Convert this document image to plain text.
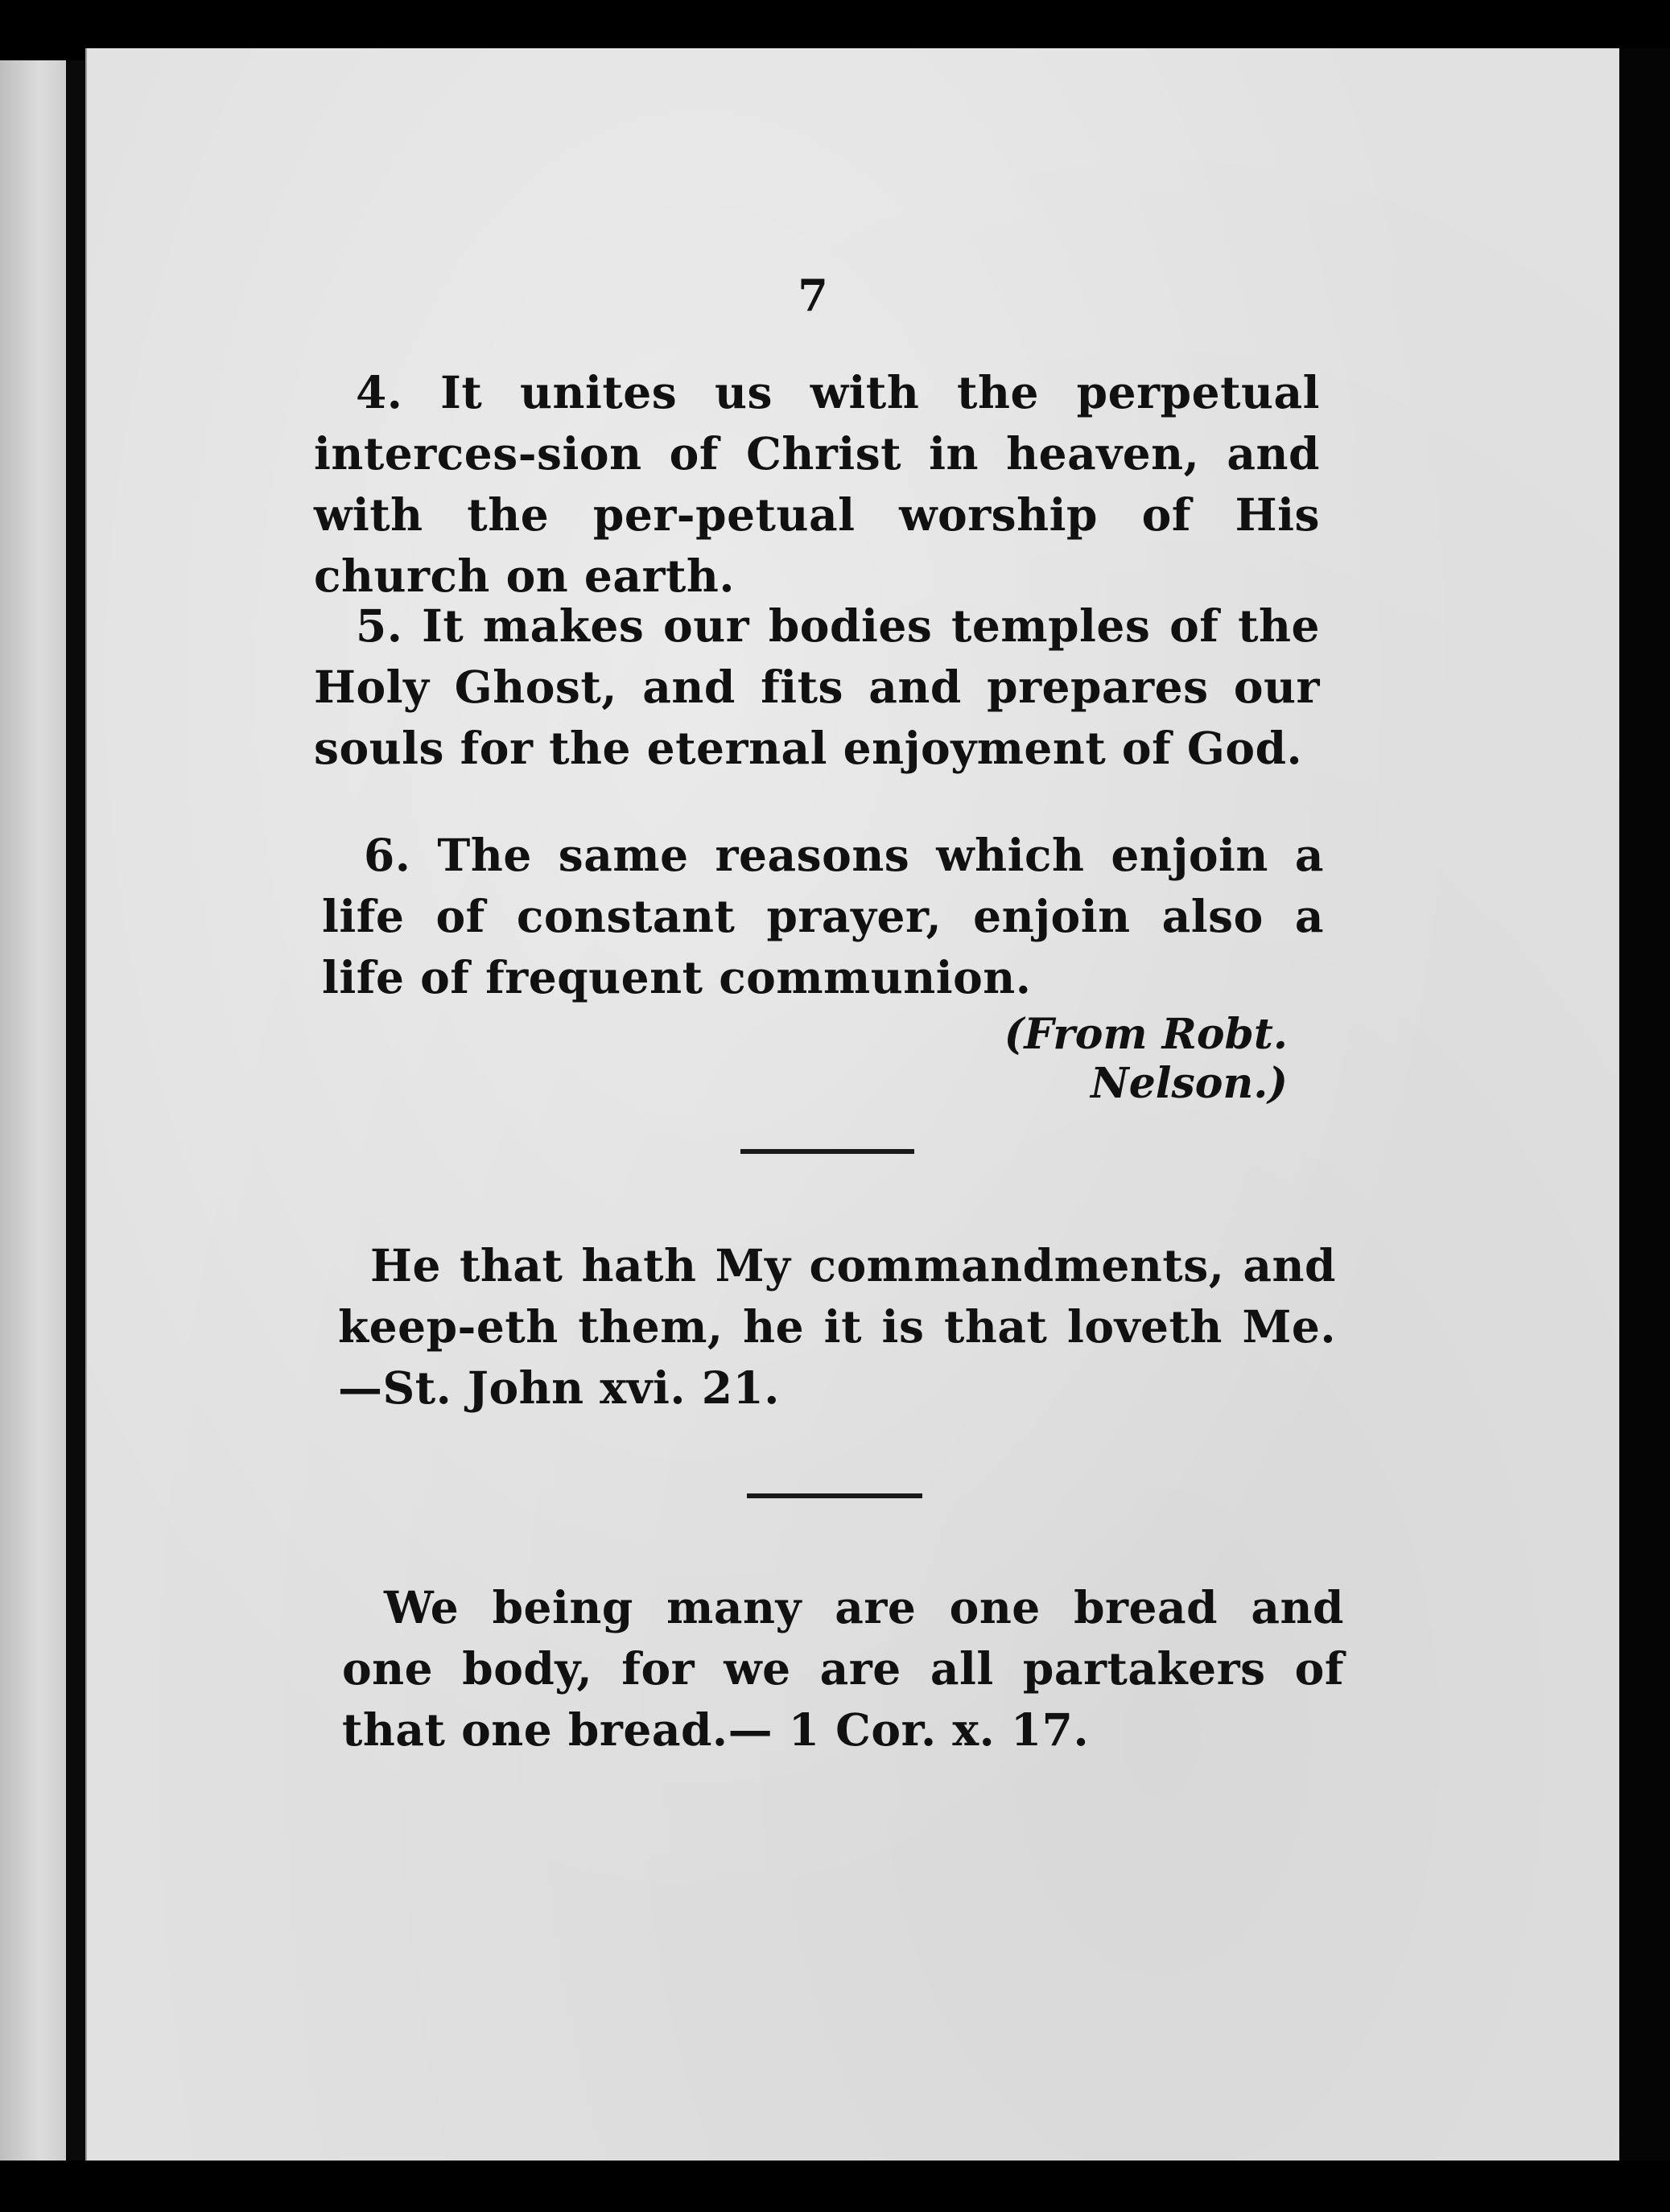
7
4. It unites us with the perpetual interces-sion of Christ in heaven, and with the per-petual worship of His church on earth.
5. It makes our bodies temples of the Holy Ghost, and fits and prepares our souls for the eternal enjoyment of God.
6. The same reasons which enjoin a life of constant prayer, enjoin also a life of frequent communion.
(From Robt. Nelson.)
He that hath My commandments, and keep-eth them, he it is that loveth Me.—St. John xvi. 21.
We being many are one bread and one body, for we are all partakers of that one bread.— 1 Cor. x. 17.
